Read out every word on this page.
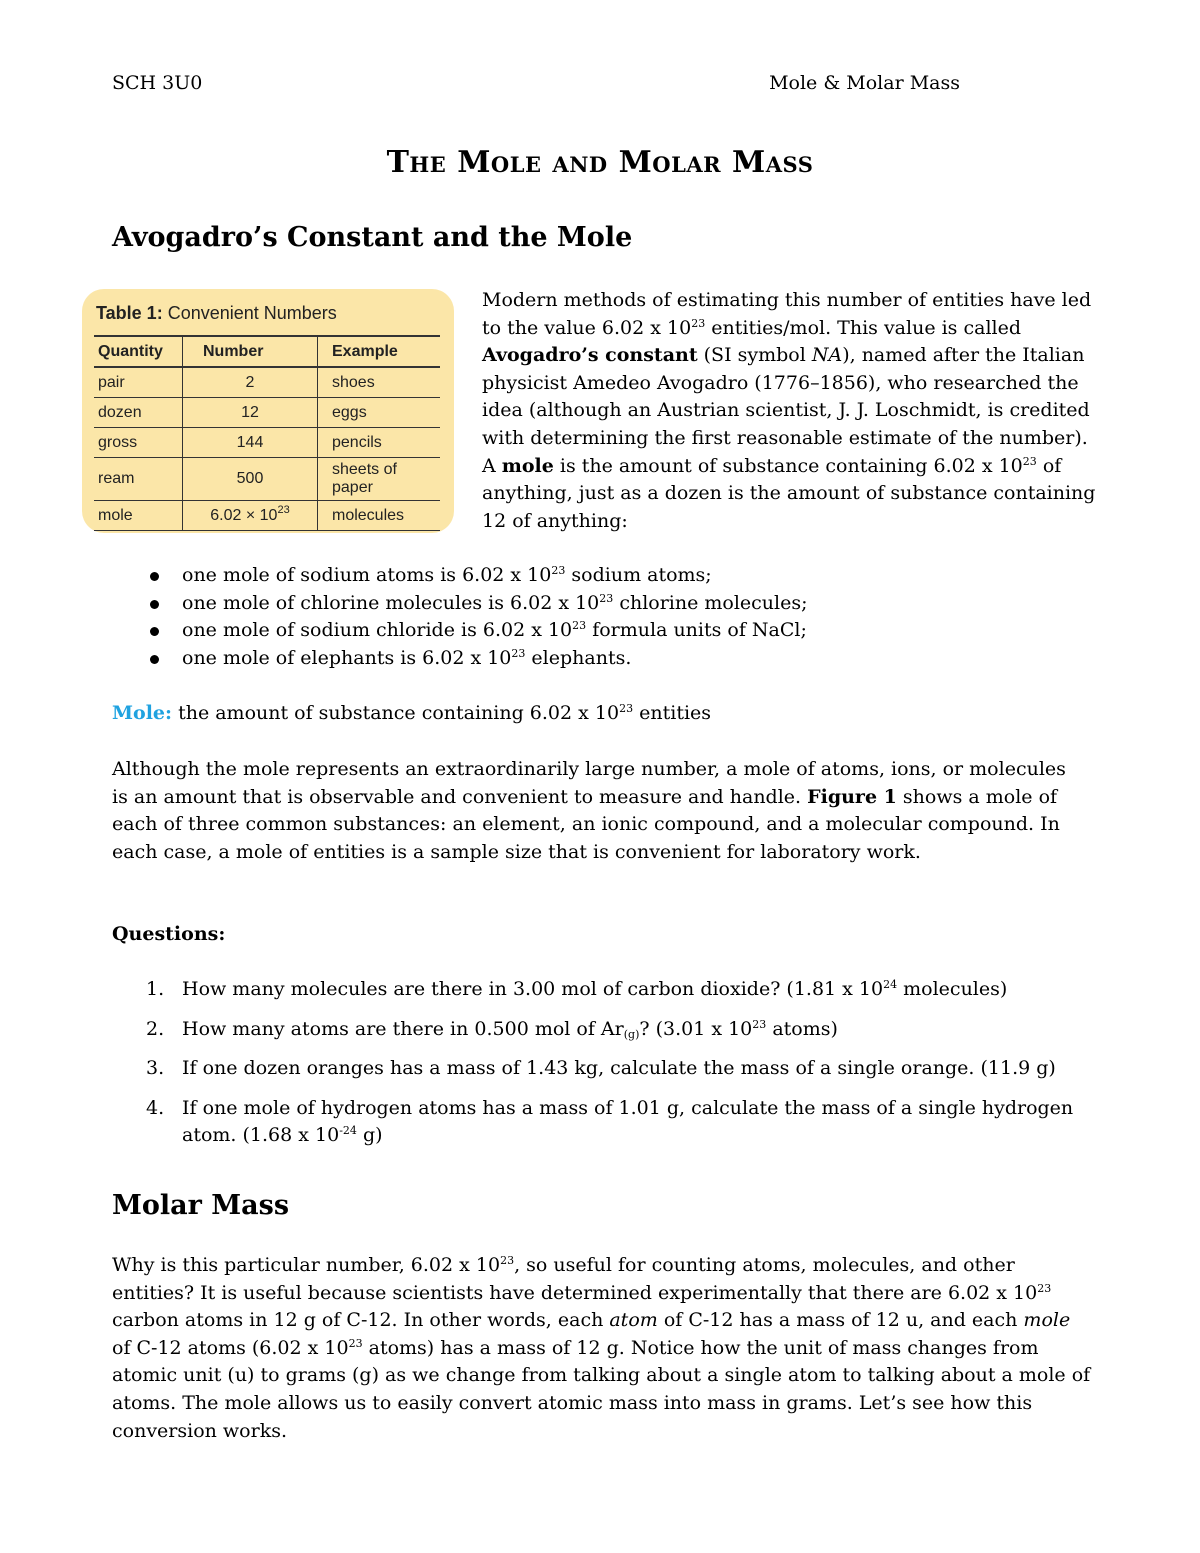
SCH 3U0	Mole & Molar Mass
The Mole and Molar Mass
Avogadro’s Constant and the Mole
Table 1: Convenient Numbers
Quantity	Number	Example
pair	2	shoes
dozen	12	eggs
gross	144	pencils
ream	500	sheets of paper
mole	$6.02 \times 10^{23}$	molecules
Modern methods of estimating this number of entities have led to the value 6.02 x $10^{23}$ entities/mol. This value is called Avogadro’s constant (SI symbol NA), named after the Italian physicist Amedeo Avogadro (1776–1856), who researched the idea (although an Austrian scientist, J. J. Loschmidt, is credited with determining the first reasonable estimate of the number). A mole is the amount of substance containing 6.02 x $10^{23}$ of anything, just as a dozen is the amount of substance containing 12 of anything:
one mole of sodium atoms is 6.02 x $10^{23}$ sodium atoms;
one mole of chlorine molecules is 6.02 x $10^{23}$ chlorine molecules;
one mole of sodium chloride is 6.02 x $10^{23}$ formula units of NaCl;
one mole of elephants is 6.02 x $10^{23}$ elephants.
Mole: the amount of substance containing 6.02 x $10^{23}$ entities
Although the mole represents an extraordinarily large number, a mole of atoms, ions, or molecules is an amount that is observable and convenient to measure and handle. Figure 1 shows a mole of each of three common substances: an element, an ionic compound, and a molecular compound. In each case, a mole of entities is a sample size that is convenient for laboratory work.
Questions:
1. How many molecules are there in 3.00 mol of carbon dioxide? (1.81 x $10^{24}$ molecules)
2. How many atoms are there in 0.500 mol of $Ar_{(g)}$? (3.01 x $10^{23}$ atoms)
3. If one dozen oranges has a mass of 1.43 kg, calculate the mass of a single orange. (11.9 g)
4. If one mole of hydrogen atoms has a mass of 1.01 g, calculate the mass of a single hydrogen atom. (1.68 x $10^{-24}$ g)
Molar Mass
Why is this particular number, 6.02 x $10^{23}$, so useful for counting atoms, molecules, and other entities? It is useful because scientists have determined experimentally that there are 6.02 x $10^{23}$ carbon atoms in 12 g of C-12. In other words, each atom of C-12 has a mass of 12 u, and each mole of C-12 atoms (6.02 x $10^{23}$ atoms) has a mass of 12 g. Notice how the unit of mass changes from atomic unit (u) to grams (g) as we change from talking about a single atom to talking about a mole of atoms. The mole allows us to easily convert atomic mass into mass in grams. Let’s see how this conversion works.
